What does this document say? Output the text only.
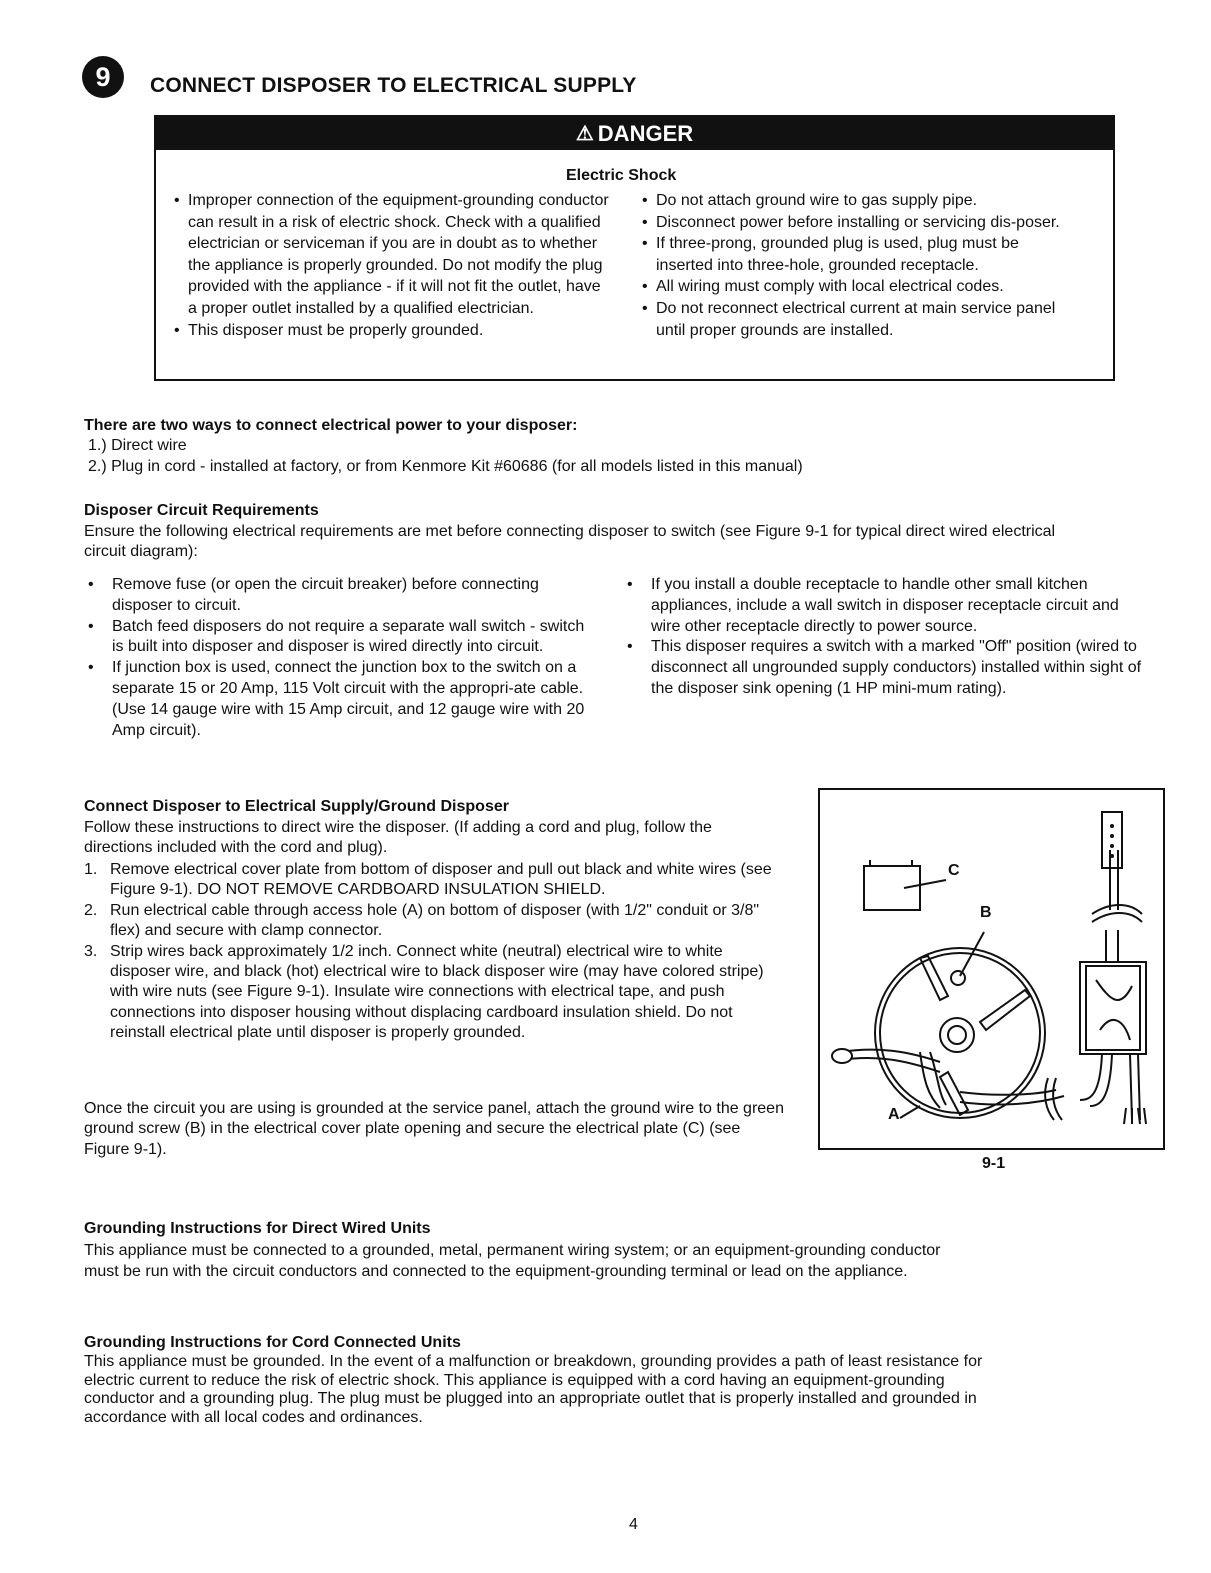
9	CONNECT DISPOSER TO ELECTRICAL SUPPLY
⚠ DANGER
Electric Shock
• Improper connection of the equipment-grounding conductor can result in a risk of electric shock. Check with a qualified electrician or serviceman if you are in doubt as to whether the appliance is properly grounded. Do not modify the plug provided with the appliance - if it will not fit the outlet, have a proper outlet installed by a qualified electrician.
• This disposer must be properly grounded.
• Do not attach ground wire to gas supply pipe.
• Disconnect power before installing or servicing dis-poser.
• If three-prong, grounded plug is used, plug must be inserted into three-hole, grounded receptacle.
• All wiring must comply with local electrical codes.
• Do not reconnect electrical current at main service panel until proper grounds are installed.
There are two ways to connect electrical power to your disposer:
1.) Direct wire
2.) Plug in cord - installed at factory, or from Kenmore Kit #60686 (for all models listed in this manual)
Disposer Circuit Requirements
Ensure the following electrical requirements are met before connecting disposer to switch (see Figure 9-1 for typical direct wired electrical circuit diagram):
• Remove fuse (or open the circuit breaker) before connecting disposer to circuit.
• Batch feed disposers do not require a separate wall switch - switch is built into disposer and disposer is wired directly into circuit.
• If junction box is used, connect the junction box to the switch on a separate 15 or 20 Amp, 115 Volt circuit with the appropri-ate cable. (Use 14 gauge wire with 15 Amp circuit, and 12 gauge wire with 20 Amp circuit).
• If you install a double receptacle to handle other small kitchen appliances, include a wall switch in disposer receptacle circuit and wire other receptacle directly to power source.
• This disposer requires a switch with a marked "Off" position (wired to disconnect all ungrounded supply conductors) installed within sight of the disposer sink opening (1 HP mini-mum rating).
Connect Disposer to Electrical Supply/Ground Disposer
Follow these instructions to direct wire the disposer. (If adding a cord and plug, follow the directions included with the cord and plug).
1. Remove electrical cover plate from bottom of disposer and pull out black and white wires (see Figure 9-1). DO NOT REMOVE CARDBOARD INSULATION SHIELD.
2. Run electrical cable through access hole (A) on bottom of disposer (with 1/2" conduit or 3/8" flex) and secure with clamp connector.
3. Strip wires back approximately 1/2 inch. Connect white (neutral) electrical wire to white disposer wire, and black (hot) electrical wire to black disposer wire (may have colored stripe) with wire nuts (see Figure 9-1). Insulate wire connections with electrical tape, and push connections into disposer housing without displacing cardboard insulation shield. Do not reinstall electrical plate until disposer is properly grounded.
Once the circuit you are using is grounded at the service panel, attach the ground wire to the green ground screw (B) in the electrical cover plate opening and secure the electrical plate (C) (see Figure 9-1).
C
B
A
9-1
Grounding Instructions for Direct Wired Units
This appliance must be connected to a grounded, metal, permanent wiring system; or an equipment-grounding conductor must be run with the circuit conductors and connected to the equipment-grounding terminal or lead on the appliance.
Grounding Instructions for Cord Connected Units
This appliance must be grounded. In the event of a malfunction or breakdown, grounding provides a path of least resistance for electric current to reduce the risk of electric shock. This appliance is equipped with a cord having an equipment-grounding conductor and a grounding plug. The plug must be plugged into an appropriate outlet that is properly installed and grounded in accordance with all local codes and ordinances.
4
